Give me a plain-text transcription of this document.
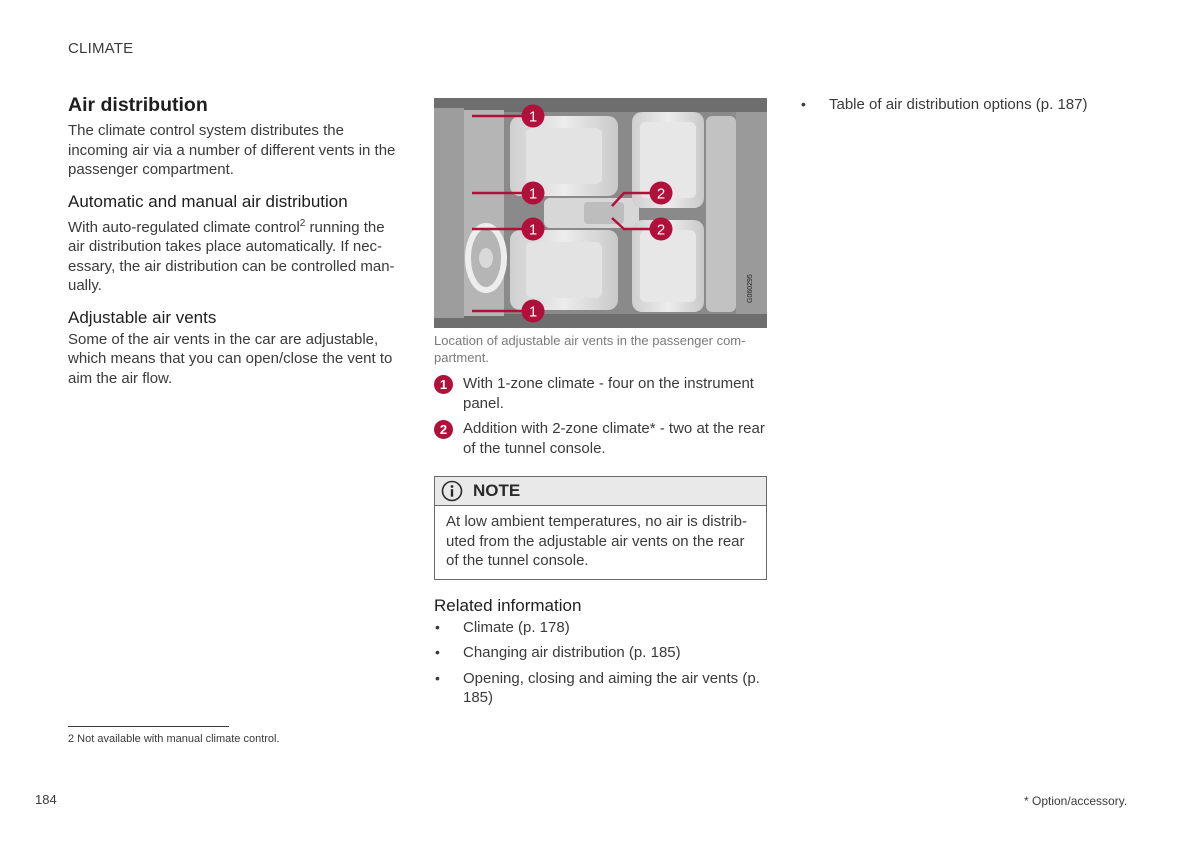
CLIMATE
Air distribution

The climate control system distributes the incoming air via a number of different vents in the passenger compartment.

Automatic and manual air distribution

With auto-regulated climate control$^2$ running the air distribution takes place automatically. If nec-essary, the air distribution can be controlled man-ually.

Adjustable air vents

Some of the air vents in the car are adjustable, which means that you can open/close the vent to aim the air flow.

1
1
1
1
2
2
G060295
Location of adjustable air vents in the passenger com-partment.
1	With 1-zone climate - four on the instrument panel.
2	Addition with 2-zone climate* - two at the rear of the tunnel console.
NOTE
At low ambient temperatures, no air is distrib-uted from the adjustable air vents on the rear of the tunnel console.
Related information
• Climate (p. 178)
• Changing air distribution (p. 185)
• Opening, closing and aiming the air vents (p. 185)
• Table of air distribution options (p. 187)
2 Not available with manual climate control.
184	* Option/accessory.
